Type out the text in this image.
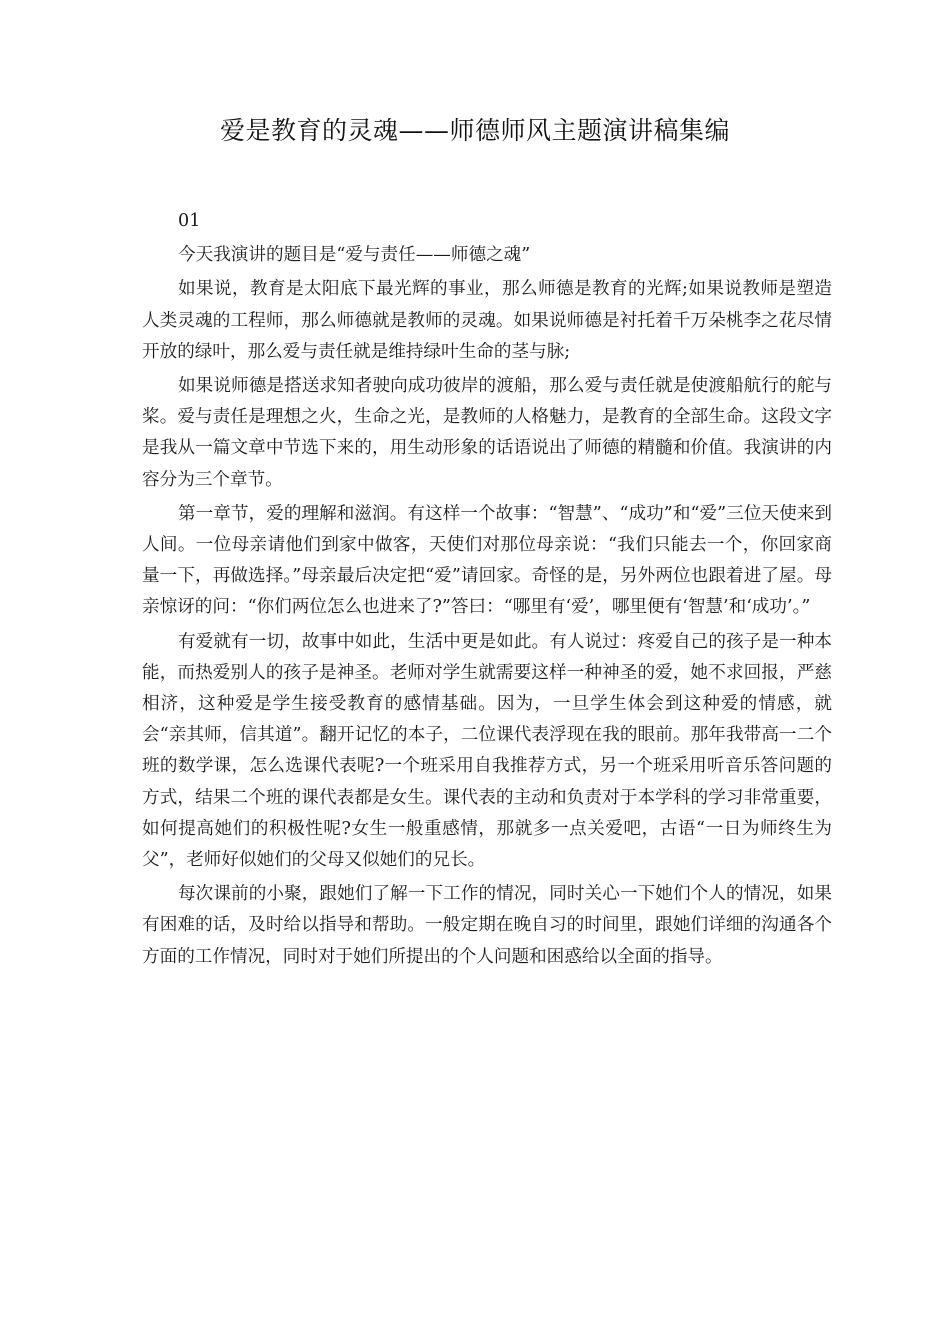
爱是教育的灵魂——师德师风主题演讲稿集编

01

今天我演讲的题目是“爱与责任——师德之魂”

如果说，教育是太阳底下最光辉的事业，那么师德是教育的光辉;如果说教师是塑造人类灵魂的工程师，那么师德就是教师的灵魂。如果说师德是衬托着千万朵桃李之花尽情开放的绿叶，那么爱与责任就是维持绿叶生命的茎与脉;

如果说师德是搭送求知者驶向成功彼岸的渡船，那么爱与责任就是使渡船航行的舵与桨。爱与责任是理想之火，生命之光，是教师的人格魅力，是教育的全部生命。这段文字是我从一篇文章中节选下来的，用生动形象的话语说出了师德的精髓和价值。我演讲的内容分为三个章节。

第一章节，爱的理解和滋润。有这样一个故事：“智慧”、“成功”和“爱”三位天使来到人间。一位母亲请他们到家中做客，天使们对那位母亲说：“我们只能去一个，你回家商量一下，再做选择。”母亲最后决定把“爱”请回家。奇怪的是，另外两位也跟着进了屋。母亲惊讶的问：“你们两位怎么也进来了?”答曰：“哪里有‘爱’，哪里便有‘智慧’和‘成功’。”

有爱就有一切，故事中如此，生活中更是如此。有人说过：疼爱自己的孩子是一种本能，而热爱别人的孩子是神圣。老师对学生就需要这样一种神圣的爱，她不求回报，严慈相济，这种爱是学生接受教育的感情基础。因为，一旦学生体会到这种爱的情感，就会“亲其师，信其道”。翻开记忆的本子，二位课代表浮现在我的眼前。那年我带高一二个班的数学课，怎么选课代表呢?一个班采用自我推荐方式，另一个班采用听音乐答问题的方式，结果二个班的课代表都是女生。课代表的主动和负责对于本学科的学习非常重要，如何提高她们的积极性呢?女生一般重感情，那就多一点关爱吧，古语“一日为师终生为父”，老师好似她们的父母又似她们的兄长。

每次课前的小聚，跟她们了解一下工作的情况，同时关心一下她们个人的情况，如果有困难的话，及时给以指导和帮助。一般定期在晚自习的时间里，跟她们详细的沟通各个方面的工作情况，同时对于她们所提出的个人问题和困惑给以全面的指导。
